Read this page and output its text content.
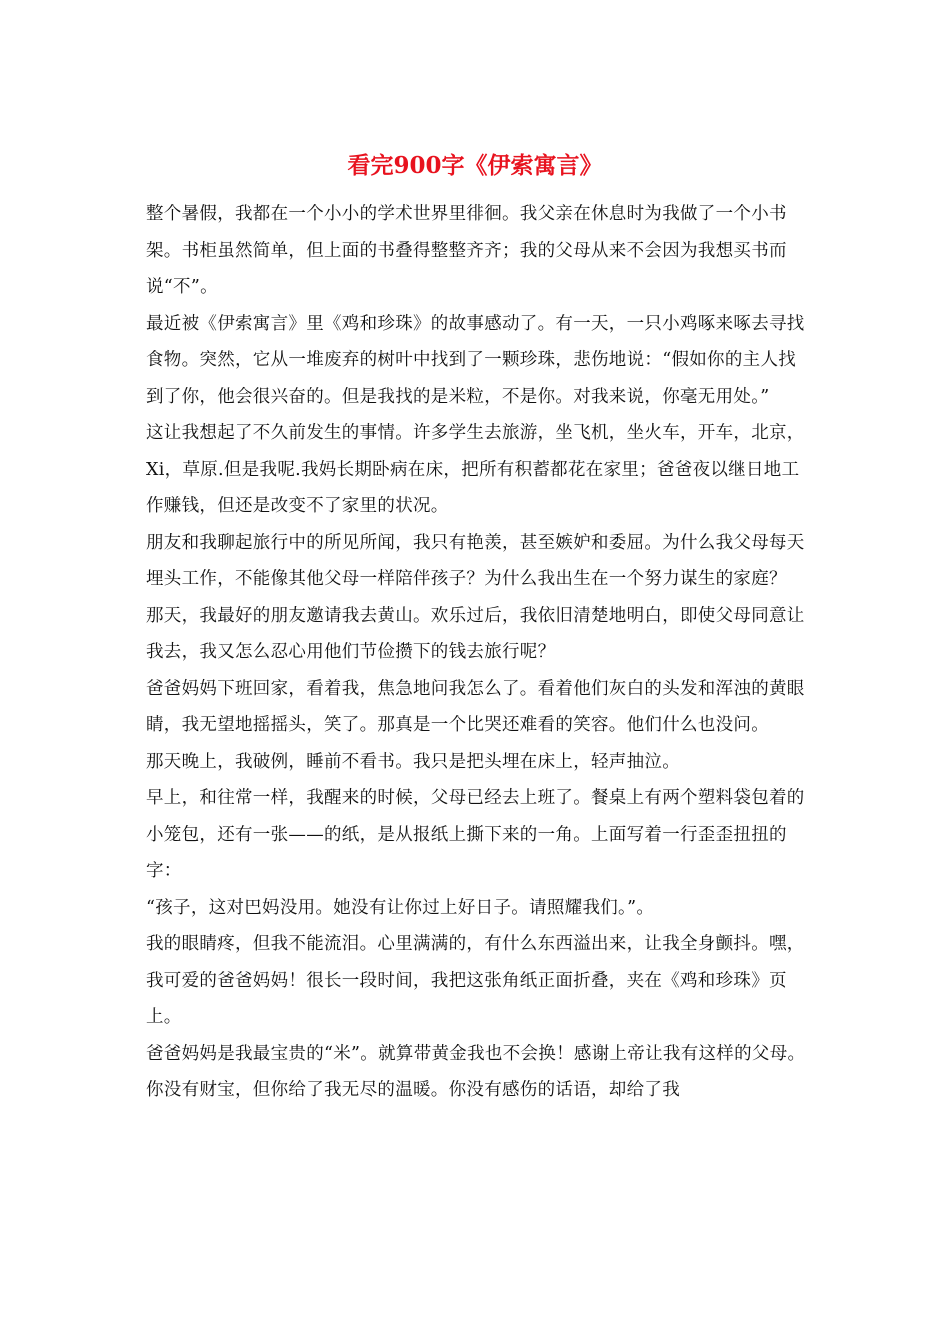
看完900字《伊索寓言》

整个暑假，我都在一个小小的学术世界里徘徊。我父亲在休息时为我做了一个小书架。书柜虽然简单，但上面的书叠得整整齐齐；我的父母从来不会因为我想买书而说“不”。

最近被《伊索寓言》里《鸡和珍珠》的故事感动了。有一天，一只小鸡啄来啄去寻找食物。突然，它从一堆废弃的树叶中找到了一颗珍珠，悲伤地说：“假如你的主人找到了你，他会很兴奋的。但是我找的是米粒，不是你。对我来说，你毫无用处。”

这让我想起了不久前发生的事情。许多学生去旅游，坐飞机，坐火车，开车，北京，Xi，草原.但是我呢.我妈长期卧病在床，把所有积蓄都花在家里；爸爸夜以继日地工作赚钱，但还是改变不了家里的状况。

朋友和我聊起旅行中的所见所闻，我只有艳羡，甚至嫉妒和委屈。为什么我父母每天埋头工作，不能像其他父母一样陪伴孩子？为什么我出生在一个努力谋生的家庭？

那天，我最好的朋友邀请我去黄山。欢乐过后，我依旧清楚地明白，即使父母同意让我去，我又怎么忍心用他们节俭攒下的钱去旅行呢？

爸爸妈妈下班回家，看着我，焦急地问我怎么了。看着他们灰白的头发和浑浊的黄眼睛，我无望地摇摇头，笑了。那真是一个比哭还难看的笑容。他们什么也没问。

那天晚上，我破例，睡前不看书。我只是把头埋在床上，轻声抽泣。

早上，和往常一样，我醒来的时候，父母已经去上班了。餐桌上有两个塑料袋包着的小笼包，还有一张——的纸，是从报纸上撕下来的一角。上面写着一行歪歪扭扭的字：

“孩子，这对巴妈没用。她没有让你过上好日子。请照耀我们。”。

我的眼睛疼，但我不能流泪。心里满满的，有什么东西溢出来，让我全身颤抖。嘿，我可爱的爸爸妈妈！很长一段时间，我把这张角纸正面折叠，夹在《鸡和珍珠》页上。

爸爸妈妈是我最宝贵的“米”。就算带黄金我也不会换！感谢上帝让我有这样的父母。你没有财宝，但你给了我无尽的温暖。你没有感伤的话语，却给了我
